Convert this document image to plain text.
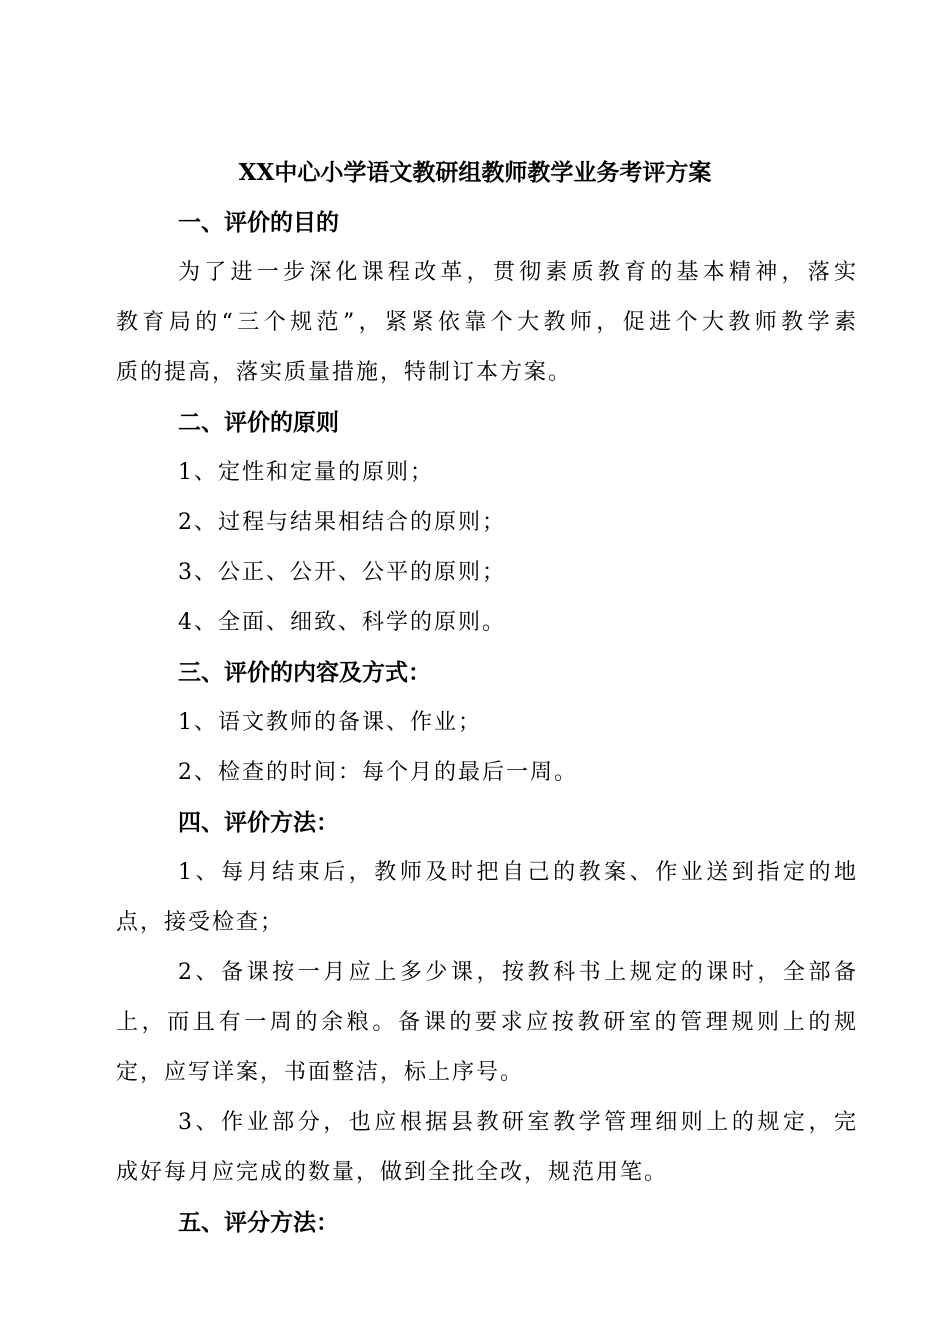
XX中心小学语文教研组教师教学业务考评方案
一、评价的目的
为了进一步深化课程改革，贯彻素质教育的基本精神，落实
教育局的“三个规范”，紧紧依靠个大教师，促进个大教师教学素
质的提高，落实质量措施，特制订本方案。
二、评价的原则
1、定性和定量的原则；
2、过程与结果相结合的原则；
3、公正、公开、公平的原则；
4、全面、细致、科学的原则。
三、评价的内容及方式：
1、语文教师的备课、作业；
2、检查的时间：每个月的最后一周。
四、评价方法：
1、每月结束后，教师及时把自己的教案、作业送到指定的地
点，接受检查；
2、备课按一月应上多少课，按教科书上规定的课时，全部备
上，而且有一周的余粮。备课的要求应按教研室的管理规则上的规
定，应写详案，书面整洁，标上序号。
3、作业部分，也应根据县教研室教学管理细则上的规定，完
成好每月应完成的数量，做到全批全改，规范用笔。
五、评分方法：
